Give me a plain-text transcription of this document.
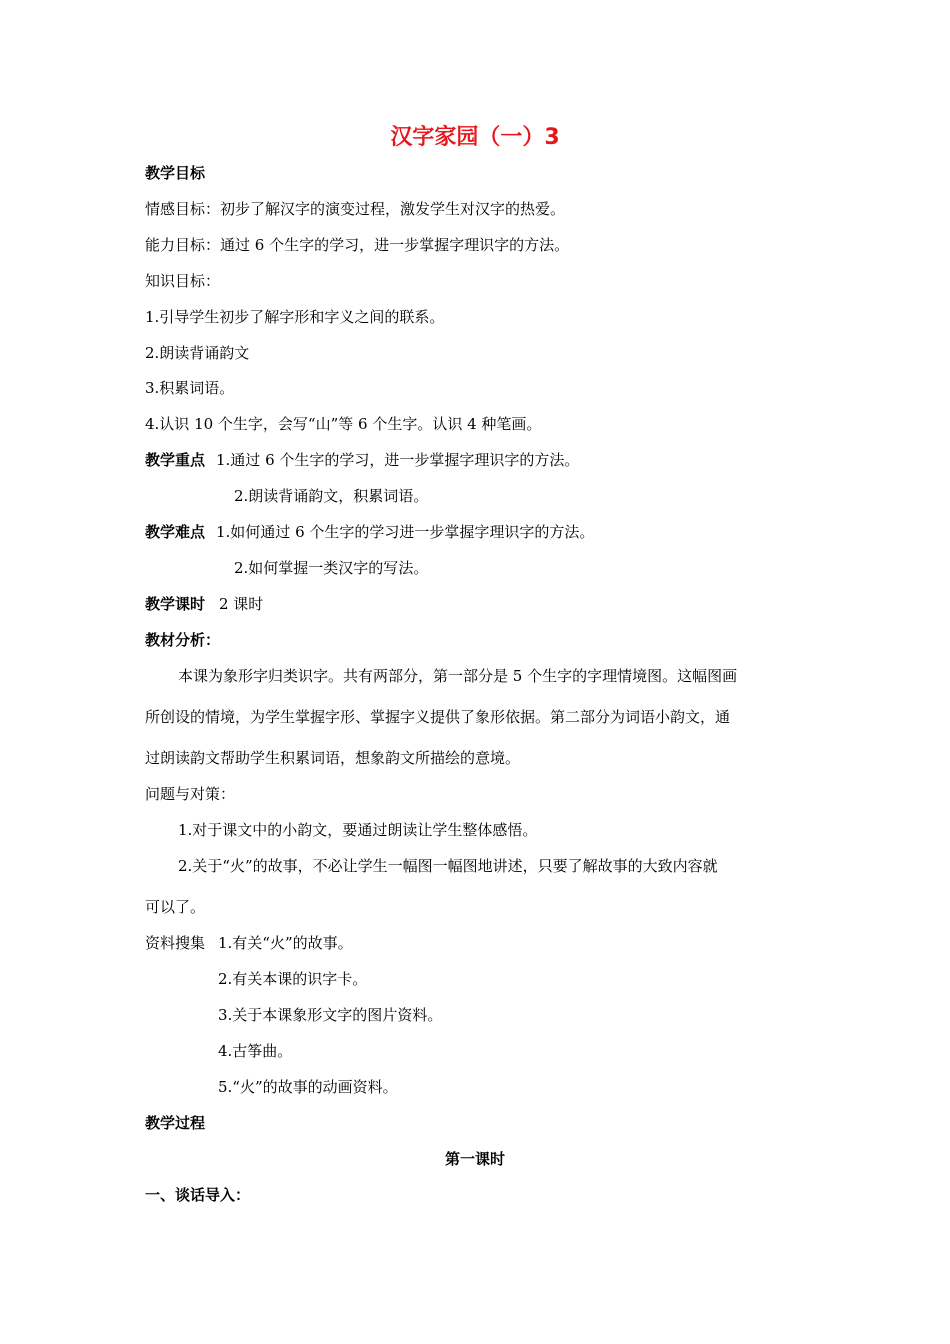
汉字家园（一）3
教学目标
情感目标：初步了解汉字的演变过程，激发学生对汉字的热爱。
能力目标：通过 6 个生字的学习，进一步掌握字理识字的方法。
知识目标：
1.引导学生初步了解字形和字义之间的联系。
2.朗读背诵韵文
3.积累词语。
4.认识 10 个生字，会写“山”等 6 个生字。认识 4 种笔画。
教学重点 1.通过 6 个生字的学习，进一步掌握字理识字的方法。
2.朗读背诵韵文，积累词语。
教学难点 1.如何通过 6 个生字的学习进一步掌握字理识字的方法。
2.如何掌握一类汉字的写法。
教学课时 2 课时
教材分析：
本课为象形字归类识字。共有两部分，第一部分是 5 个生字的字理情境图。这幅图画
所创设的情境，为学生掌握字形、掌握字义提供了象形依据。第二部分为词语小韵文，通
过朗读韵文帮助学生积累词语，想象韵文所描绘的意境。
问题与对策：
1.对于课文中的小韵文，要通过朗读让学生整体感悟。
2.关于“火”的故事，不必让学生一幅图一幅图地讲述，只要了解故事的大致内容就
可以了。
资料搜集 1.有关“火”的故事。
2.有关本课的识字卡。
3.关于本课象形文字的图片资料。
4.古筝曲。
5.“火”的故事的动画资料。
教学过程
第一课时
一、谈话导入：
